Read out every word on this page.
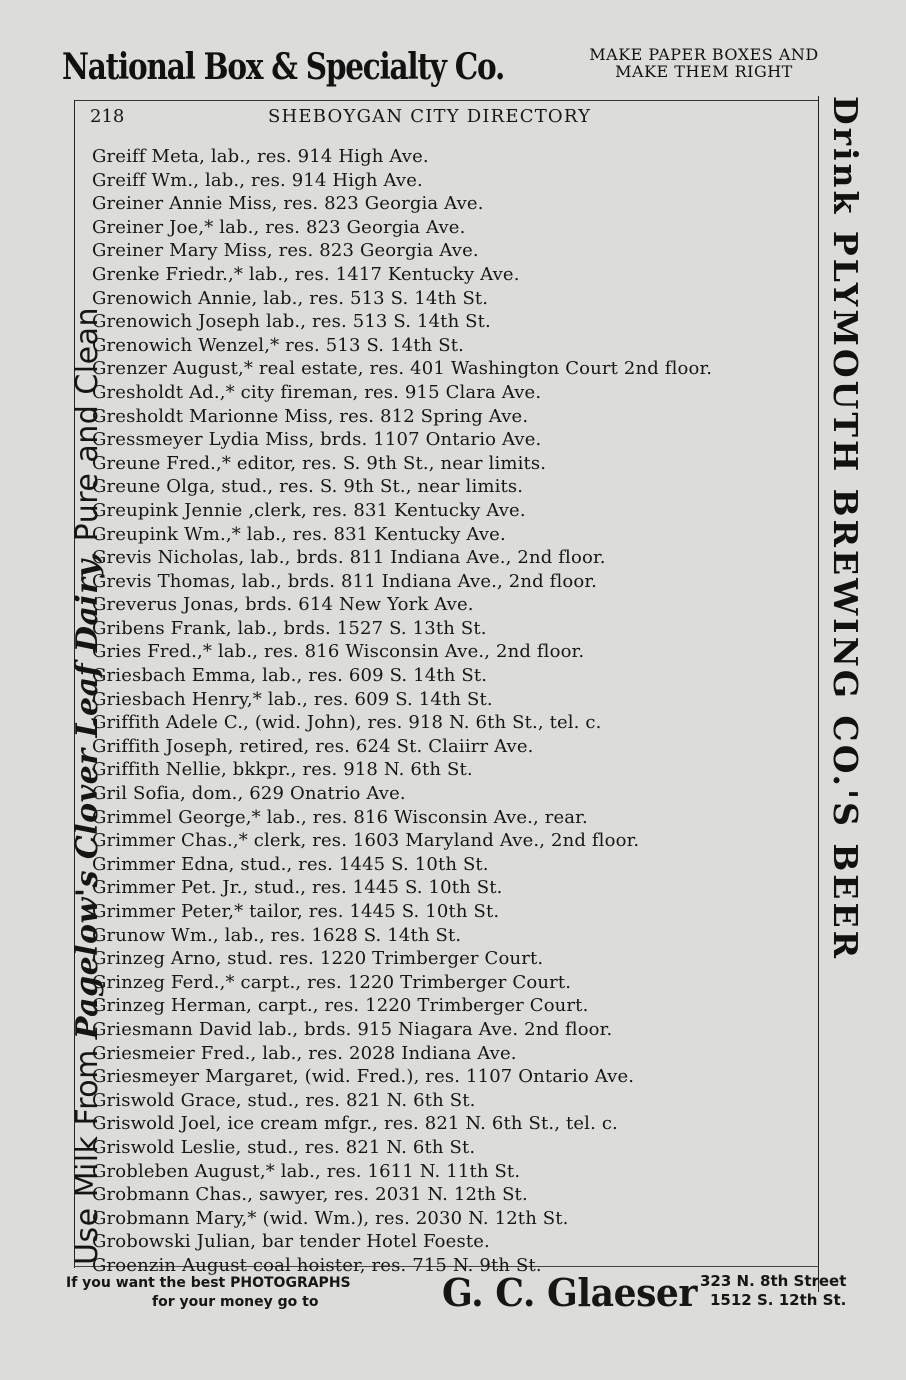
National Box & Specialty Co.	MAKE PAPER BOXES AND
MAKE THEM RIGHT
Use Milk From Pagelow's Clover Leaf Dairy, Pure and Clean	Drink PLYMOUTH BREWING CO.'S BEER
218	SHEBOYGAN CITY DIRECTORY
Greiff Meta, lab., res. 914 High Ave.
Greiff Wm., lab., res. 914 High Ave.
Greiner Annie Miss, res. 823 Georgia Ave.
Greiner Joe,* lab., res. 823 Georgia Ave.
Greiner Mary Miss, res. 823 Georgia Ave.
Grenke Friedr.,* lab., res. 1417 Kentucky Ave.
Grenowich Annie, lab., res. 513 S. 14th St.
Grenowich Joseph lab., res. 513 S. 14th St.
Grenowich Wenzel,* res. 513 S. 14th St.
Grenzer August,* real estate, res. 401 Washington Court 2nd floor.
Gresholdt Ad.,* city fireman, res. 915 Clara Ave.
Gresholdt Marionne Miss, res. 812 Spring Ave.
Gressmeyer Lydia Miss, brds. 1107 Ontario Ave.
Greune Fred.,* editor, res. S. 9th St., near limits.
Greune Olga, stud., res. S. 9th St., near limits.
Greupink Jennie ,clerk, res. 831 Kentucky Ave.
Greupink Wm.,* lab., res. 831 Kentucky Ave.
Grevis Nicholas, lab., brds. 811 Indiana Ave., 2nd floor.
Grevis Thomas, lab., brds. 811 Indiana Ave., 2nd floor.
Greverus Jonas, brds. 614 New York Ave.
Gribens Frank, lab., brds. 1527 S. 13th St.
Gries Fred.,* lab., res. 816 Wisconsin Ave., 2nd floor.
Griesbach Emma, lab., res. 609 S. 14th St.
Griesbach Henry,* lab., res. 609 S. 14th St.
Griffith Adele C., (wid. John), res. 918 N. 6th St., tel. c.
Griffith Joseph, retired, res. 624 St. Claiirr Ave.
Griffith Nellie, bkkpr., res. 918 N. 6th St.
Gril Sofia, dom., 629 Onatrio Ave.
Grimmel George,* lab., res. 816 Wisconsin Ave., rear.
Grimmer Chas.,* clerk, res. 1603 Maryland Ave., 2nd floor.
Grimmer Edna, stud., res. 1445 S. 10th St.
Grimmer Pet. Jr., stud., res. 1445 S. 10th St.
Grimmer Peter,* tailor, res. 1445 S. 10th St.
Grunow Wm., lab., res. 1628 S. 14th St.
Grinzeg Arno, stud. res. 1220 Trimberger Court.
Grinzeg Ferd.,* carpt., res. 1220 Trimberger Court.
Grinzeg Herman, carpt., res. 1220 Trimberger Court.
Griesmann David lab., brds. 915 Niagara Ave. 2nd floor.
Griesmeier Fred., lab., res. 2028 Indiana Ave.
Griesmeyer Margaret, (wid. Fred.), res. 1107 Ontario Ave.
Griswold Grace, stud., res. 821 N. 6th St.
Griswold Joel, ice cream mfgr., res. 821 N. 6th St., tel. c.
Griswold Leslie, stud., res. 821 N. 6th St.
Grobleben August,* lab., res. 1611 N. 11th St.
Grobmann Chas., sawyer, res. 2031 N. 12th St.
Grobmann Mary,* (wid. Wm.), res. 2030 N. 12th St.
Grobowski Julian, bar tender Hotel Foeste.
Groenzin August coal hoister, res. 715 N. 9th St.
If you want the best PHOTOGRAPHS
for your money go to	G. C. Glaeser 323 N. 8th Street
1512 S. 12th St.
